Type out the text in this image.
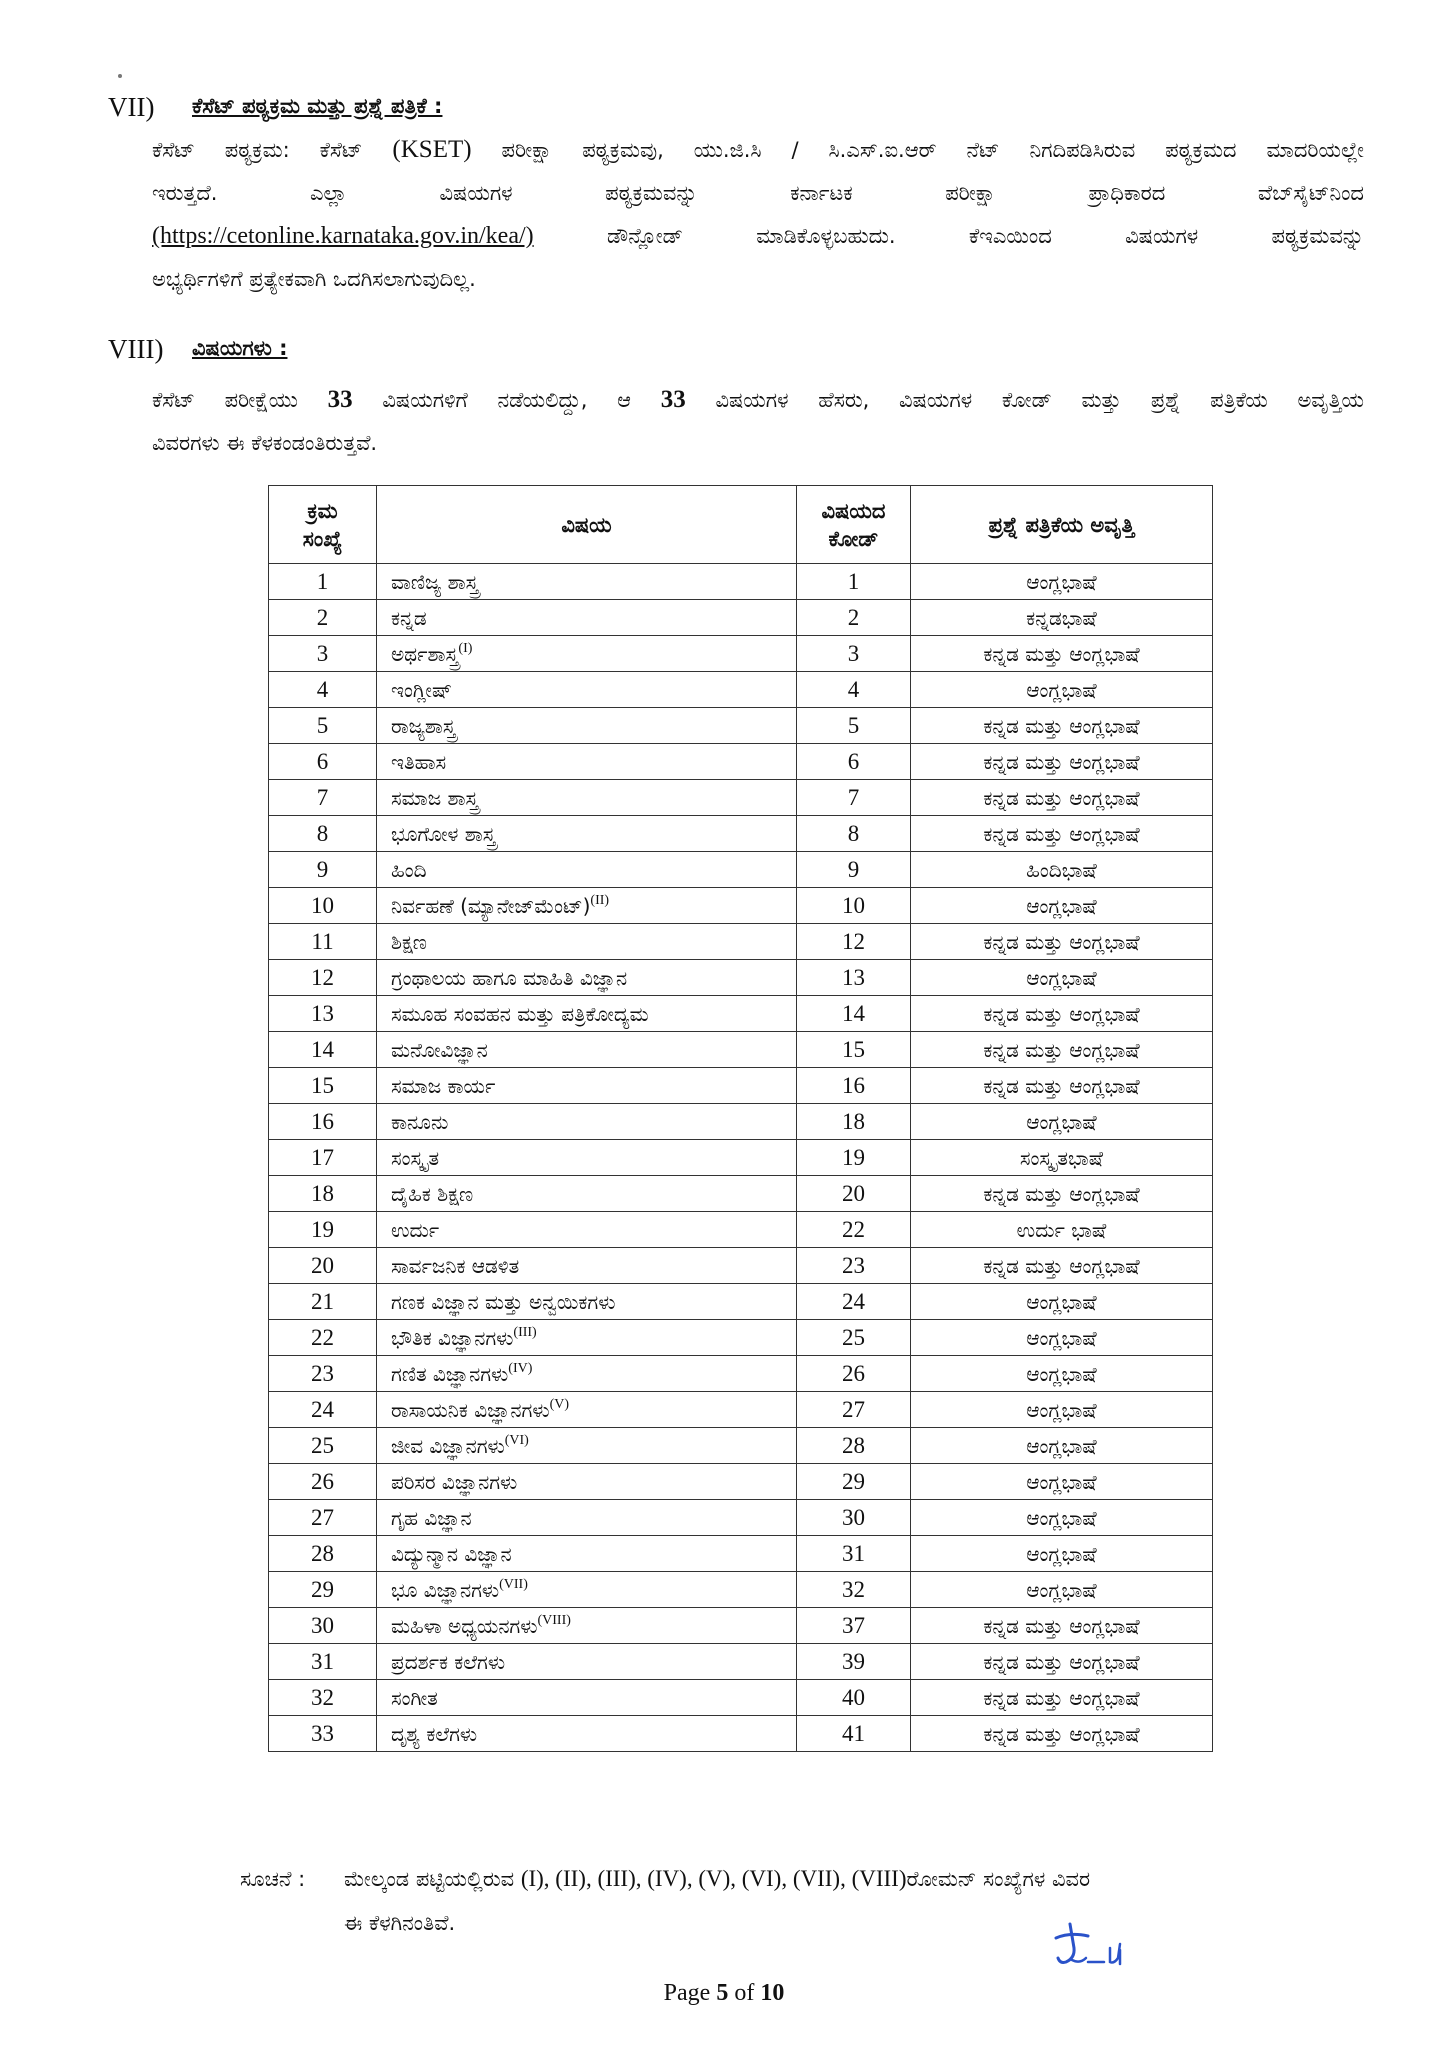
VII) ಕೆಸೆಟ್ ಪಠ್ಯಕ್ರಮ ಮತ್ತು ಪ್ರಶ್ನೆ ಪತ್ರಿಕೆ :
ಕೆಸೆಟ್ ಪಠ್ಯಕ್ರಮ: ಕೆಸೆಟ್ (KSET) ಪರೀಕ್ಷಾ ಪಠ್ಯಕ್ರಮವು, ಯು.ಜಿ.ಸಿ / ಸಿ.ಎಸ್.ಐ.ಆರ್ ನೆಟ್ ನಿಗದಿಪಡಿಸಿರುವ ಪಠ್ಯಕ್ರಮದ ಮಾದರಿಯಲ್ಲೇ
ಇರುತ್ತದೆ. ಎಲ್ಲಾ ವಿಷಯಗಳ ಪಠ್ಯಕ್ರಮವನ್ನು ಕರ್ನಾಟಕ ಪರೀಕ್ಷಾ ಪ್ರಾಧಿಕಾರದ ವೆಬ್‌ಸೈಟ್‌ನಿಂದ
(https://cetonline.karnataka.gov.in/kea/)	ಡೌನ್ಲೋಡ್ ಮಾಡಿಕೊಳ್ಳಬಹುದು. ಕೆಇಎಯಿಂದ ವಿಷಯಗಳ ಪಠ್ಯಕ್ರಮವನ್ನು
ಅಭ್ಯರ್ಥಿಗಳಿಗೆ ಪ್ರತ್ಯೇಕವಾಗಿ ಒದಗಿಸಲಾಗುವುದಿಲ್ಲ.
VIII) ವಿಷಯಗಳು :
ಕೆಸೆಟ್ ಪರೀಕ್ಷೆಯು 33 ವಿಷಯಗಳಿಗೆ ನಡೆಯಲಿದ್ದು, ಆ 33 ವಿಷಯಗಳ ಹೆಸರು, ವಿಷಯಗಳ ಕೋಡ್ ಮತ್ತು ಪ್ರಶ್ನೆ ಪತ್ರಿಕೆಯ ಅವೃತ್ತಿಯ
ವಿವರಗಳು ಈ ಕೆಳಕಂಡಂತಿರುತ್ತವೆ.
ಕ್ರಮ
ಸಂಖ್ಯೆ	ವಿಷಯ	ವಿಷಯದ
ಕೋಡ್	ಪ್ರಶ್ನೆ ಪತ್ರಿಕೆಯ ಅವೃತ್ತಿ
1	ವಾಣಿಜ್ಯ ಶಾಸ್ತ್ರ	1	ಆಂಗ್ಲಭಾಷೆ
2	ಕನ್ನಡ	2	ಕನ್ನಡಭಾಷೆ
3	ಅರ್ಥಶಾಸ್ತ್ರ$^{(I)}$	3	ಕನ್ನಡ ಮತ್ತು ಆಂಗ್ಲಭಾಷೆ
4	ಇಂಗ್ಲೀಷ್	4	ಆಂಗ್ಲಭಾಷೆ
5	ರಾಜ್ಯಶಾಸ್ತ್ರ	5	ಕನ್ನಡ ಮತ್ತು ಆಂಗ್ಲಭಾಷೆ
6	ಇತಿಹಾಸ	6	ಕನ್ನಡ ಮತ್ತು ಆಂಗ್ಲಭಾಷೆ
7	ಸಮಾಜ ಶಾಸ್ತ್ರ	7	ಕನ್ನಡ ಮತ್ತು ಆಂಗ್ಲಭಾಷೆ
8	ಭೂಗೋಳ ಶಾಸ್ತ್ರ	8	ಕನ್ನಡ ಮತ್ತು ಆಂಗ್ಲಭಾಷೆ
9	ಹಿಂದಿ	9	ಹಿಂದಿಭಾಷೆ
10	ನಿರ್ವಹಣೆ (ಮ್ಯಾನೇಜ್‌ಮೆಂಟ್)$^{(II)}$	10	ಆಂಗ್ಲಭಾಷೆ
11	ಶಿಕ್ಷಣ	12	ಕನ್ನಡ ಮತ್ತು ಆಂಗ್ಲಭಾಷೆ
12	ಗ್ರಂಥಾಲಯ ಹಾಗೂ ಮಾಹಿತಿ ವಿಜ್ಞಾನ	13	ಆಂಗ್ಲಭಾಷೆ
13	ಸಮೂಹ ಸಂವಹನ ಮತ್ತು ಪತ್ರಿಕೋದ್ಯಮ	14	ಕನ್ನಡ ಮತ್ತು ಆಂಗ್ಲಭಾಷೆ
14	ಮನೋವಿಜ್ಞಾನ	15	ಕನ್ನಡ ಮತ್ತು ಆಂಗ್ಲಭಾಷೆ
15	ಸಮಾಜ ಕಾರ್ಯ	16	ಕನ್ನಡ ಮತ್ತು ಆಂಗ್ಲಭಾಷೆ
16	ಕಾನೂನು	18	ಆಂಗ್ಲಭಾಷೆ
17	ಸಂಸ್ಕೃತ	19	ಸಂಸ್ಕೃತಭಾಷೆ
18	ದೈಹಿಕ ಶಿಕ್ಷಣ	20	ಕನ್ನಡ ಮತ್ತು ಆಂಗ್ಲಭಾಷೆ
19	ಉರ್ದು	22	ಉರ್ದು ಭಾಷೆ
20	ಸಾರ್ವಜನಿಕ ಆಡಳಿತ	23	ಕನ್ನಡ ಮತ್ತು ಆಂಗ್ಲಭಾಷೆ
21	ಗಣಕ ವಿಜ್ಞಾನ ಮತ್ತು ಅನ್ವಯಿಕಗಳು	24	ಆಂಗ್ಲಭಾಷೆ
22	ಭೌತಿಕ ವಿಜ್ಞಾನಗಳು$^{(III)}$	25	ಆಂಗ್ಲಭಾಷೆ
23	ಗಣಿತ ವಿಜ್ಞಾನಗಳು$^{(IV)}$	26	ಆಂಗ್ಲಭಾಷೆ
24	ರಾಸಾಯನಿಕ ವಿಜ್ಞಾನಗಳು$^{(V)}$	27	ಆಂಗ್ಲಭಾಷೆ
25	ಜೀವ ವಿಜ್ಞಾನಗಳು$^{(VI)}$	28	ಆಂಗ್ಲಭಾಷೆ
26	ಪರಿಸರ ವಿಜ್ಞಾನಗಳು	29	ಆಂಗ್ಲಭಾಷೆ
27	ಗೃಹ ವಿಜ್ಞಾನ	30	ಆಂಗ್ಲಭಾಷೆ
28	ವಿದ್ಯುನ್ಮಾನ ವಿಜ್ಞಾನ	31	ಆಂಗ್ಲಭಾಷೆ
29	ಭೂ ವಿಜ್ಞಾನಗಳು$^{(VII)}$	32	ಆಂಗ್ಲಭಾಷೆ
30	ಮಹಿಳಾ ಅಧ್ಯಯನಗಳು$^{(VIII)}$	37	ಕನ್ನಡ ಮತ್ತು ಆಂಗ್ಲಭಾಷೆ
31	ಪ್ರದರ್ಶಕ ಕಲೆಗಳು	39	ಕನ್ನಡ ಮತ್ತು ಆಂಗ್ಲಭಾಷೆ
32	ಸಂಗೀತ	40	ಕನ್ನಡ ಮತ್ತು ಆಂಗ್ಲಭಾಷೆ
33	ದೃಶ್ಯ ಕಲೆಗಳು	41	ಕನ್ನಡ ಮತ್ತು ಆಂಗ್ಲಭಾಷೆ
ಸೂಚನೆ : ಮೇಲ್ಕಂಡ ಪಟ್ಟಿಯಲ್ಲಿರುವ (I), (II), (III), (IV), (V), (VI), (VII), (VIII)ರೋಮನ್ ಸಂಖ್ಯೆಗಳ ವಿವರ
ಈ ಕೆಳಗಿನಂತಿವೆ.
Page 5 of 10
